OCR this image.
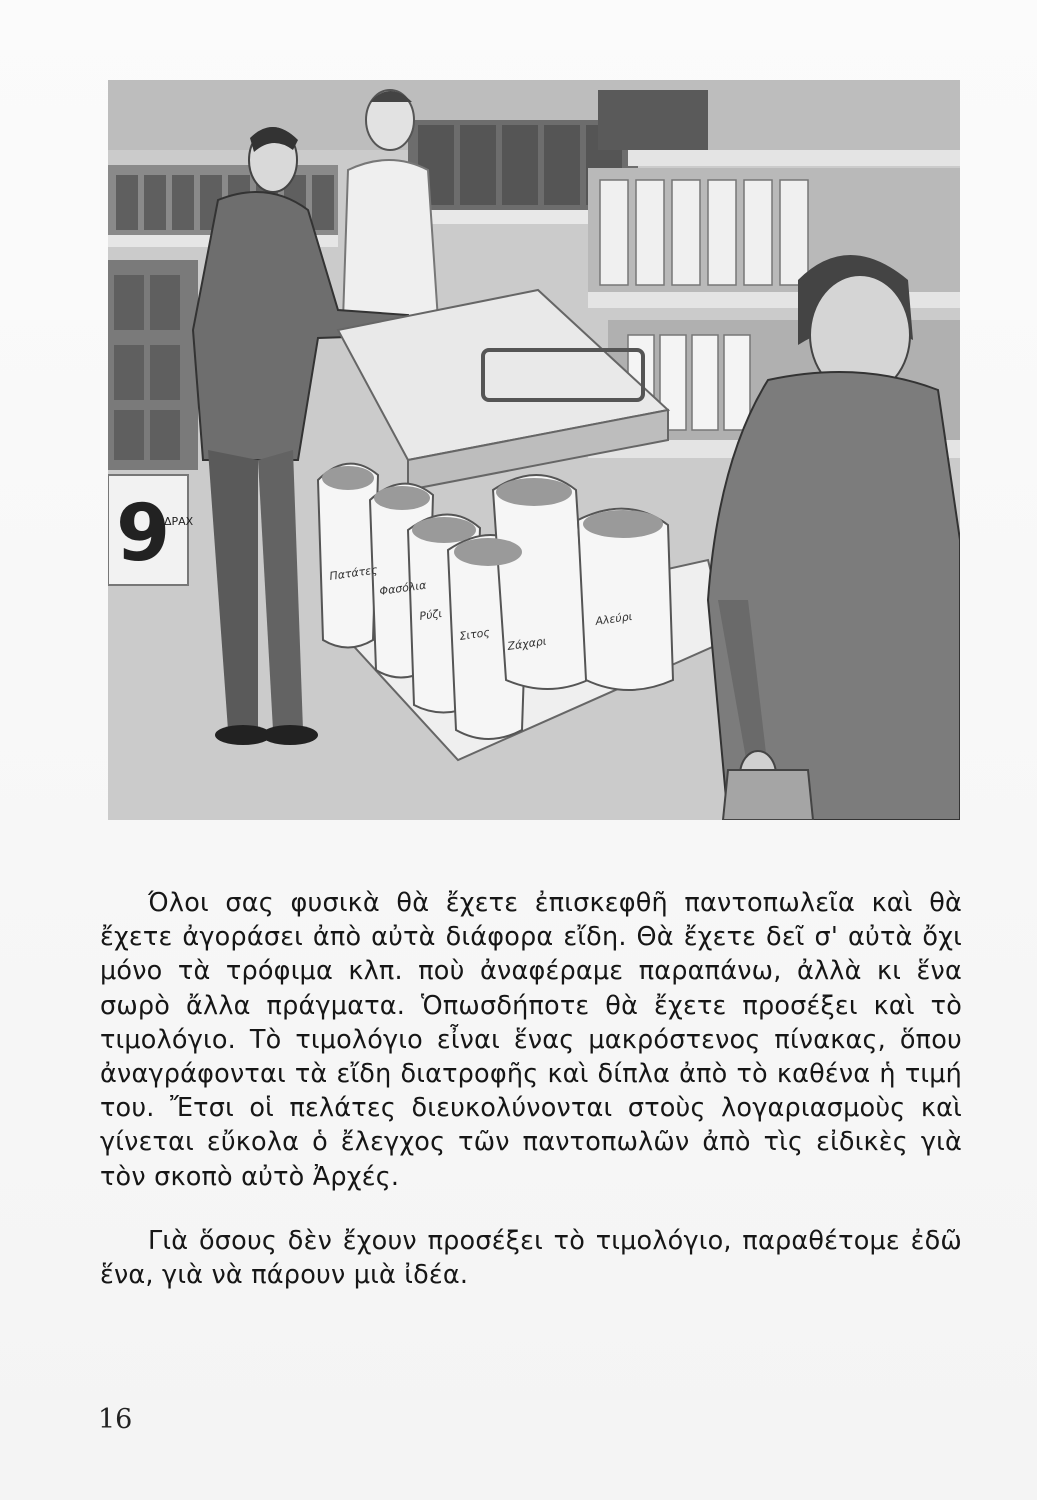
9
ΔΡΑΧ
Πατάτες
Φασόλια
Ρύζι
Σιτος
Ζάχαρι
Αλεύρι

Όλοι σας φυσικὰ θὰ ἔχετε ἐπισκεφθῆ παντοπωλεῖα καὶ θὰ ἔχετε ἀγοράσει ἀπὸ αὐτὰ διάφορα εἴδη. Θὰ ἔχετε δεῖ σ' αὐτὰ ὄχι μόνο τὰ τρόφιμα κλπ. ποὺ ἀναφέραμε παραπάνω, ἀλλὰ κι ἕνα σωρὸ ἄλλα πράγματα. Ὁπωσδήποτε θὰ ἔχετε προσέξει καὶ τὸ τιμολόγιο. Τὸ τιμολόγιο εἶναι ἕνας μακρόστενος πίνακας, ὅπου ἀναγράφονται τὰ εἴδη διατροφῆς καὶ δίπλα ἀπὸ τὸ καθένα ἡ τιμή του. Ἔτσι οἱ πελάτες διευκολύνονται στοὺς λογαριασμοὺς καὶ γίνεται εὔκολα ὁ ἔλεγχος τῶν παντοπωλῶν ἀπὸ τὶς εἰδικὲς γιὰ τὸν σκοπὸ αὐτὸ Ἀρχές.

Γιὰ ὅσους δὲν ἔχουν προσέξει τὸ τιμολόγιο, παραθέτομε ἐδῶ ἕνα, γιὰ νὰ πάρουν μιὰ ἰδέα.

16
